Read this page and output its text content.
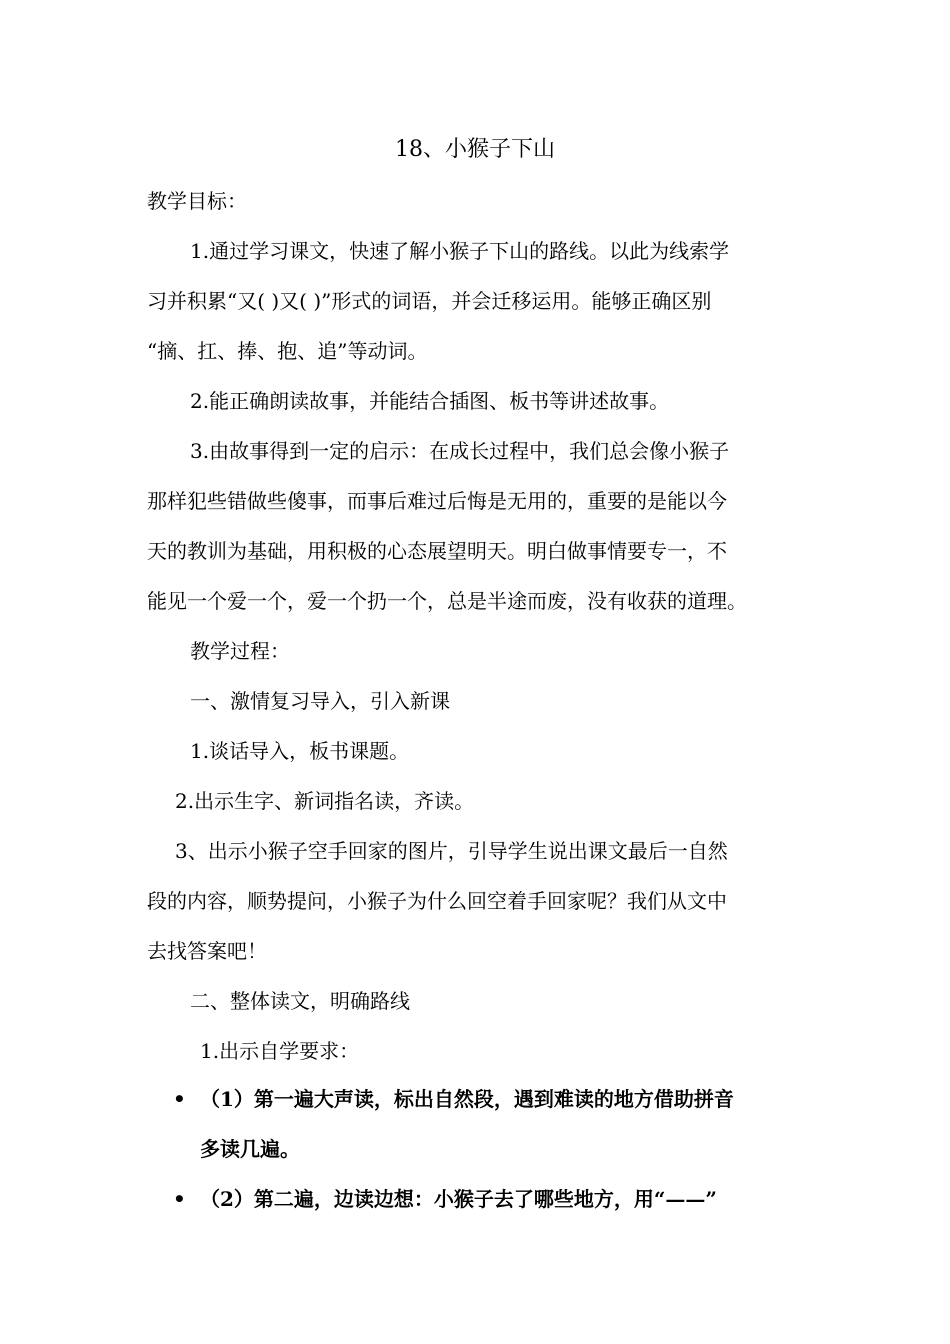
18、小猴子下山
教学目标：
1.通过学习课文，快速了解小猴子下山的路线。以此为线索学
习并积累“又( )又( )”形式的词语，并会迁移运用。能够正确区别
“摘、扛、捧、抱、追”等动词。
2.能正确朗读故事，并能结合插图、板书等讲述故事。
3.由故事得到一定的启示：在成长过程中，我们总会像小猴子
那样犯些错做些傻事，而事后难过后悔是无用的，重要的是能以今
天的教训为基础，用积极的心态展望明天。明白做事情要专一，不
能见一个爱一个，爱一个扔一个，总是半途而废，没有收获的道理。
教学过程：
一、激情复习导入，引入新课
1.谈话导入，板书课题。
2.出示生字、新词指名读，齐读。
3、出示小猴子空手回家的图片，引导学生说出课文最后一自然
段的内容，顺势提问，小猴子为什么回空着手回家呢？我们从文中
去找答案吧！
二、整体读文，明确路线
1.出示自学要求：
• （1）第一遍大声读，标出自然段，遇到难读的地方借助拼音
多读几遍。
• （2）第二遍，边读边想：小猴子去了哪些地方，用“——”
